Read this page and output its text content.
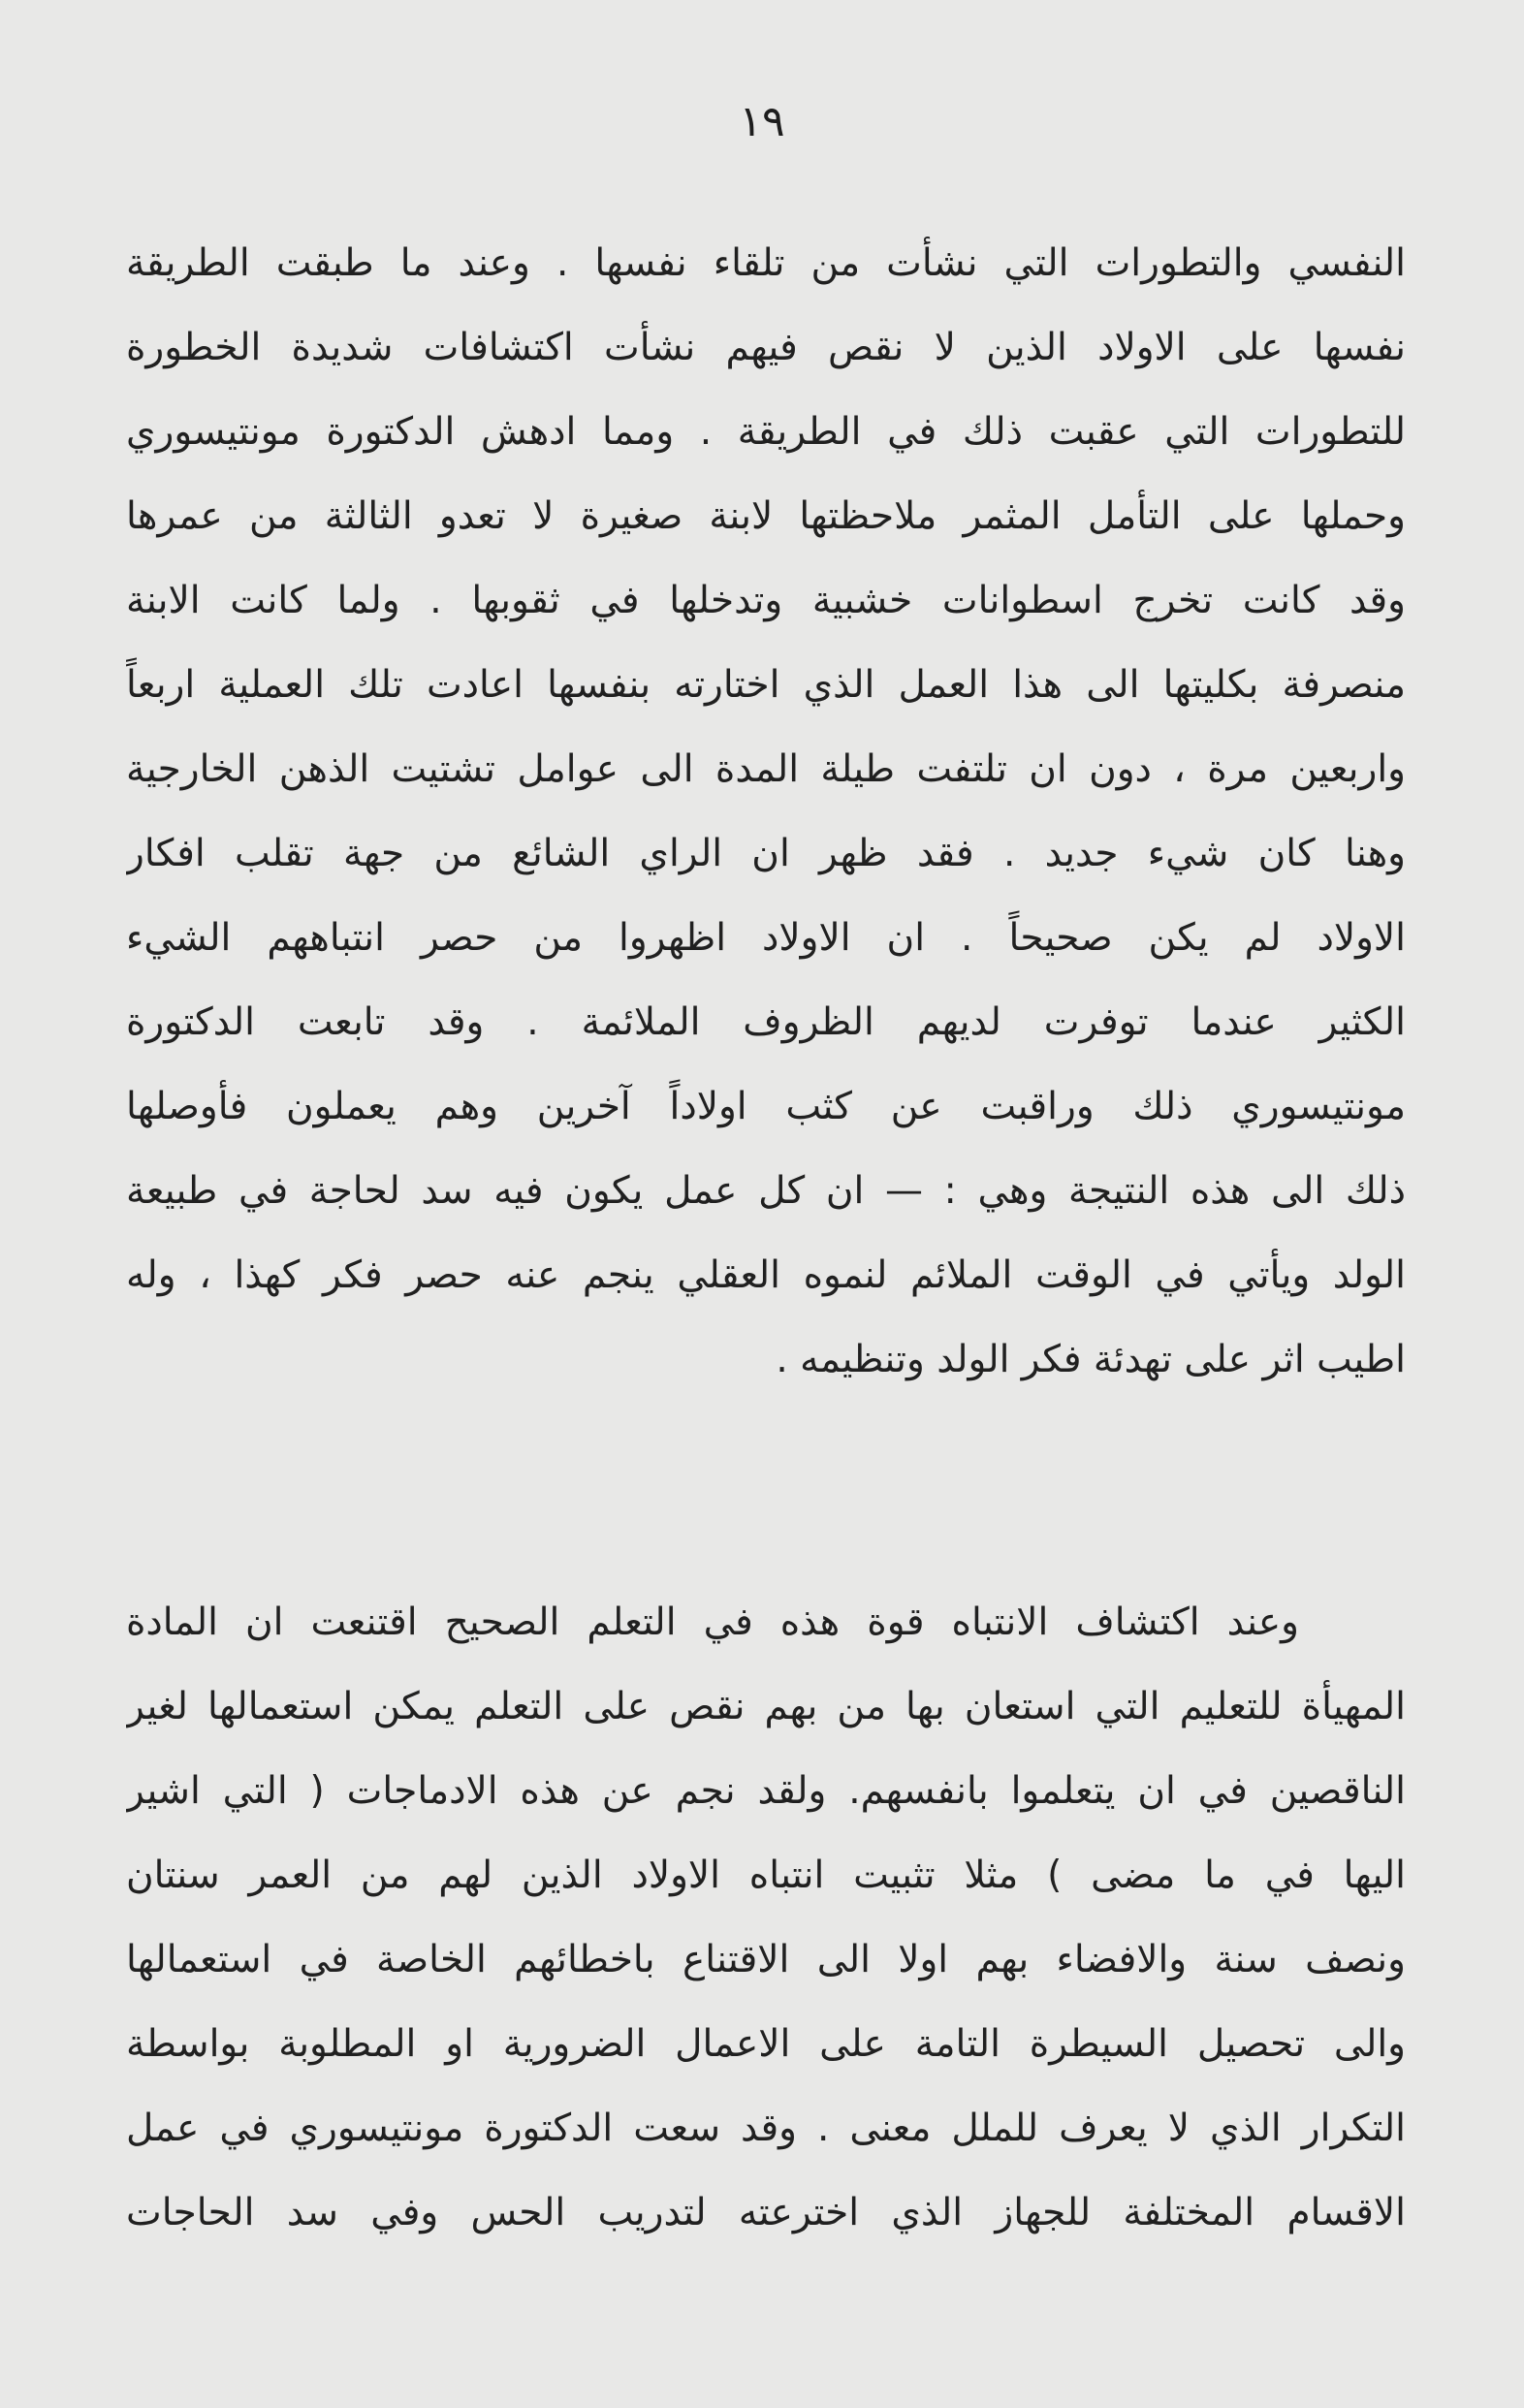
١٩
النفسي والتطورات التي نشأت من تلقاء نفسها . وعند ما طبقت الطريقة
نفسها على الاولاد الذين لا نقص فيهم نشأت اكتشافات شديدة الخطورة
للتطورات التي عقبت ذلك في الطريقة . ومما ادهش الدكتورة مونتيسوري
وحملها على التأمل المثمر ملاحظتها لابنة صغيرة لا تعدو الثالثة من عمرها
وقد كانت تخرج اسطوانات خشبية وتدخلها في ثقوبها . ولما كانت الابنة
منصرفة بكليتها الى هذا العمل الذي اختارته بنفسها اعادت تلك العملية اربعاً
واربعين مرة ، دون ان تلتفت طيلة المدة الى عوامل تشتيت الذهن الخارجية
وهنا كان شيء جديد . فقد ظهر ان الراي الشائع من جهة تقلب افكار
الاولاد لم يكن صحيحاً . ان الاولاد اظهروا من حصر انتباههم الشيء
الكثير عندما توفرت لديهم الظروف الملائمة . وقد تابعت الدكتورة
مونتيسوري ذلك وراقبت عن كثب اولاداً آخرين وهم يعملون فأوصلها
ذلك الى هذه النتيجة وهي : — ان كل عمل يكون فيه سد لحاجة في طبيعة
الولد ويأتي في الوقت الملائم لنموه العقلي ينجم عنه حصر فكر كهذا ، وله
اطيب اثر على تهدئة فكر الولد وتنظيمه .
وعند اكتشاف الانتباه قوة هذه في التعلم الصحيح اقتنعت ان المادة
المهيأة للتعليم التي استعان بها من بهم نقص على التعلم يمكن استعمالها لغير
الناقصين في ان يتعلموا بانفسهم. ولقد نجم عن هذه الادماجات ( التي اشير
اليها في ما مضى ) مثلا تثبيت انتباه الاولاد الذين لهم من العمر سنتان
ونصف سنة والافضاء بهم اولا الى الاقتناع باخطائهم الخاصة في استعمالها
والى تحصيل السيطرة التامة على الاعمال الضرورية او المطلوبة بواسطة
التكرار الذي لا يعرف للملل معنى . وقد سعت الدكتورة مونتيسوري في عمل
الاقسام المختلفة للجهاز الذي اخترعته لتدريب الحس وفي سد الحاجات
